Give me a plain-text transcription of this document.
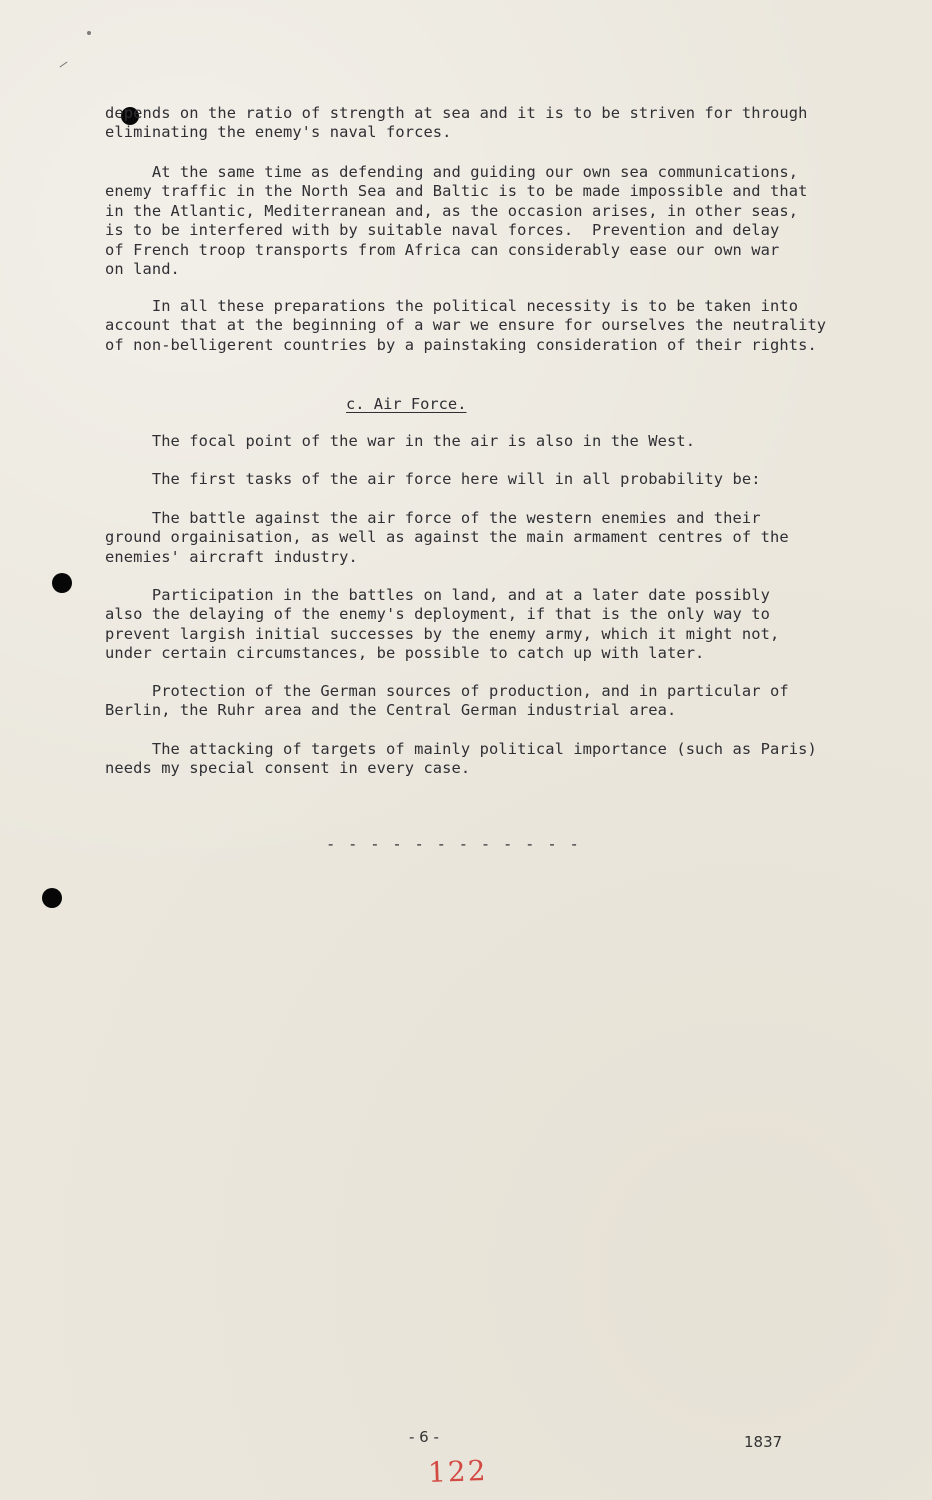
depends on the ratio of strength at sea and it is to be striven for through
eliminating the enemy's naval forces.
At the same time as defending and guiding our own sea communications,
enemy traffic in the North Sea and Baltic is to be made impossible and that
in the Atlantic, Mediterranean and, as the occasion arises, in other seas,
is to be interfered with by suitable naval forces.  Prevention and delay
of French troop transports from Africa can considerably ease our own war
on land.
In all these preparations the political necessity is to be taken into
account that at the beginning of a war we ensure for ourselves the neutrality
of non-belligerent countries by a painstaking consideration of their rights.

c. Air Force.

The focal point of the war in the air is also in the West.
The first tasks of the air force here will in all probability be:
The battle against the air force of the western enemies and their
ground orgainisation, as well as against the main armament centres of the
enemies' aircraft industry.
Participation in the battles on land, and at a later date possibly
also the delaying of the enemy's deployment, if that is the only way to
prevent largish initial successes by the enemy army, which it might not,
under certain circumstances, be possible to catch up with later.
Protection of the German sources of production, and in particular of
Berlin, the Ruhr area and the Central German industrial area.
The attacking of targets of mainly political importance (such as Paris)
needs my special consent in every case.
- - - - - - - - - - - -
- 6 -	1837
122
